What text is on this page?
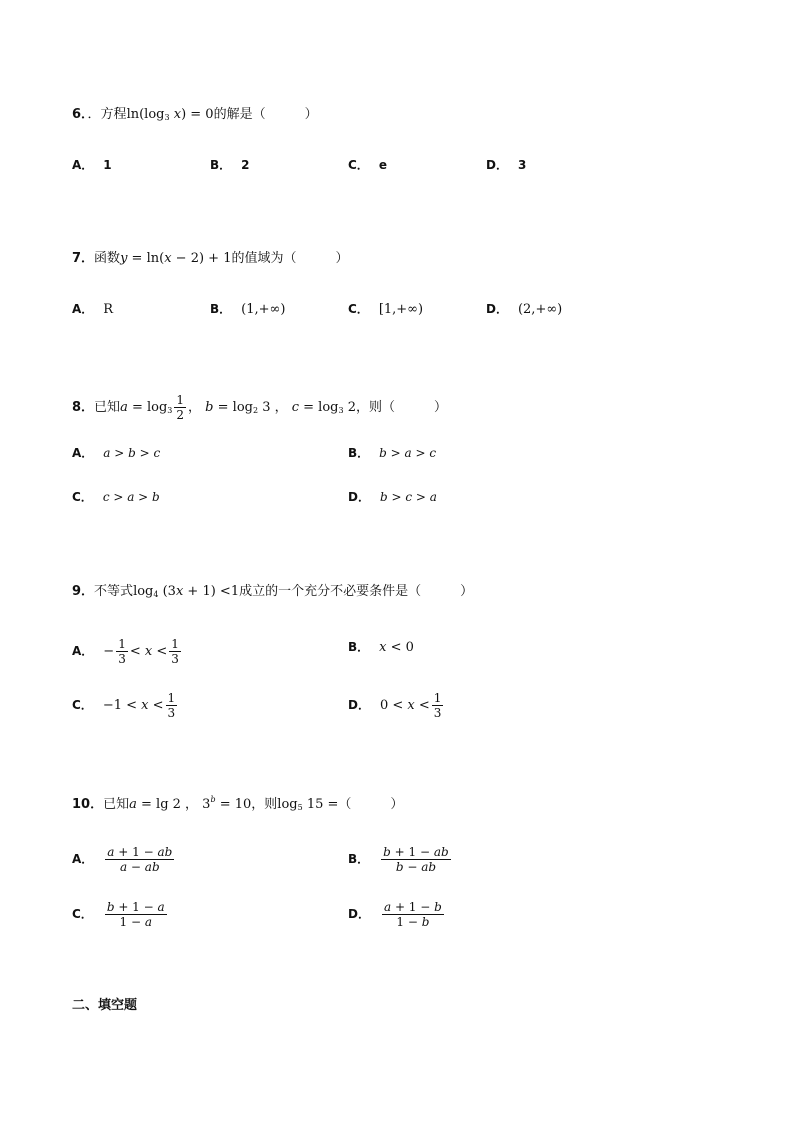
6．．方程$\ln(\log_3$ x) = 0的解是（　　　）
A． 1	B． 2	C． e	D． 3
7．函数y = ln(x − 2) + 1的值域为（　　　）
A． R	B． (1,+∞)	C． [1,+∞)	D． (2,+∞)
8．已知$a = \log_3 \frac{1}{2}$ ， $b = \log_2 3$ ， $c = \log_3 2$，则（　　　）
A． a > b > c	B． b > a > c
C． c > a > b	D． b > c > a
9．不等式$\log_4 (3x + 1) <1$成立的一个充分不必要条件是（　　　）
A． − $\frac{1}{3} < x < \frac{1}{3}$	B． x < 0
C． $-1 < x < \frac{1}{3}$	D． $0 < x < \frac{1}{3}$
10．已知a = lg 2 ， $3^b = 10$，则$\log_5 15$ =（　　　）
A． $\frac{a + 1 - ab}{a - ab}$	B． $\frac{b + 1 - ab}{b - ab}$
C． $\frac{b + 1 - a}{1 - a}$	D． $\frac{a + 1 - b}{1 - b}$
二、填空题
